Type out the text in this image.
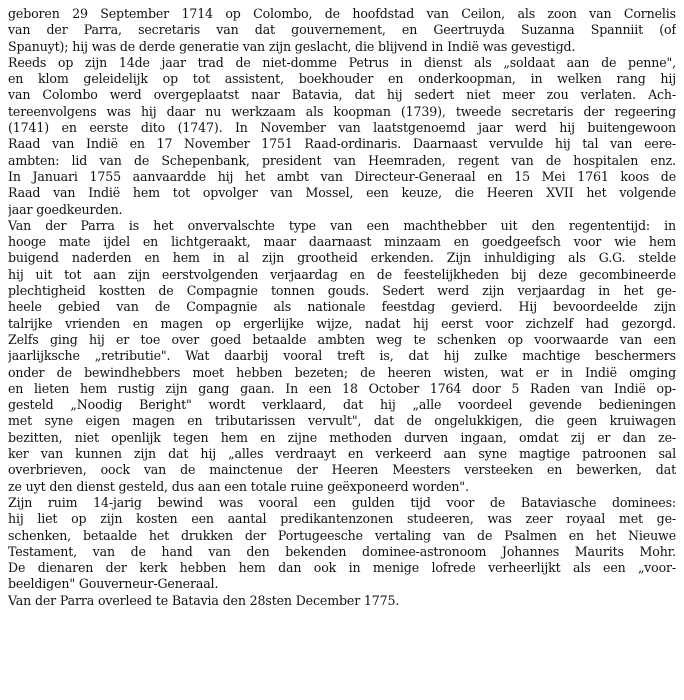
geboren 29 September 1714 op Colombo, de hoofdstad van Ceilon, als zoon van Cornelis
van der Parra, secretaris van dat gouvernement, en Geertruyda Suzanna Spanniit (of
Spanuyt); hij was de derde generatie van zijn geslacht, die blijvend in Indië was gevestigd.
Reeds op zijn 14de jaar trad de niet-domme Petrus in dienst als „soldaat aan de penne",
en klom geleidelijk op tot assistent, boekhouder en onderkoopman, in welken rang hij
van Colombo werd overgeplaatst naar Batavia, dat hij sedert niet meer zou verlaten. Ach-
tereenvolgens was hij daar nu werkzaam als koopman (1739), tweede secretaris der regeering
(1741) en eerste dito (1747). In November van laatstgenoemd jaar werd hij buitengewoon
Raad van Indië en 17 November 1751 Raad-ordinaris. Daarnaast vervulde hij tal van eere-
ambten: lid van de Schepenbank, president van Heemraden, regent van de hospitalen enz.
In Januari 1755 aanvaardde hij het ambt van Directeur-Generaal en 15 Mei 1761 koos de
Raad van Indië hem tot opvolger van Mossel, een keuze, die Heeren XVII het volgende
jaar goedkeurden.
Van der Parra is het onvervalschte type van een machthebber uit den regententijd: in
hooge mate ijdel en lichtgeraakt, maar daarnaast minzaam en goedgeefsch voor wie hem
buigend naderden en hem in al zijn grootheid erkenden. Zijn inhuldiging als G.G. stelde
hij uit tot aan zijn eerstvolgenden verjaardag en de feestelijkheden bij deze gecombineerde
plechtigheid kostten de Compagnie tonnen gouds. Sedert werd zijn verjaardag in het ge-
heele gebied van de Compagnie als nationale feestdag gevierd. Hij bevoordeelde zijn
talrijke vrienden en magen op ergerlijke wijze, nadat hij eerst voor zichzelf had gezorgd.
Zelfs ging hij er toe over goed betaalde ambten weg te schenken op voorwaarde van een
jaarlijksche „retributie". Wat daarbij vooral treft is, dat hij zulke machtige beschermers
onder de bewindhebbers moet hebben bezeten; de heeren wisten, wat er in Indië omging
en lieten hem rustig zijn gang gaan. In een 18 October 1764 door 5 Raden van Indië op-
gesteld „Noodig Beright" wordt verklaard, dat hij „alle voordeel gevende bedieningen
met syne eigen magen en tributarissen vervult", dat de ongelukkigen, die geen kruiwagen
bezitten, niet openlijk tegen hem en zijne methoden durven ingaan, omdat zij er dan ze-
ker van kunnen zijn dat hij „alles verdraayt en verkeerd aan syne magtige patroonen sal
overbrieven, oock van de mainctenue der Heeren Meesters versteeken en bewerken, dat
ze uyt den dienst gesteld, dus aan een totale ruine geëxponeerd worden".
Zijn ruim 14-jarig bewind was vooral een gulden tijd voor de Bataviasche dominees:
hij liet op zijn kosten een aantal predikantenzonen studeeren, was zeer royaal met ge-
schenken, betaalde het drukken der Portugeesche vertaling van de Psalmen en het Nieuwe
Testament, van de hand van den bekenden dominee-astronoom Johannes Maurits Mohr.
De dienaren der kerk hebben hem dan ook in menige lofrede verheerlijkt als een „voor-
beeldigen" Gouverneur-Generaal.
Van der Parra overleed te Batavia den 28sten December 1775.
